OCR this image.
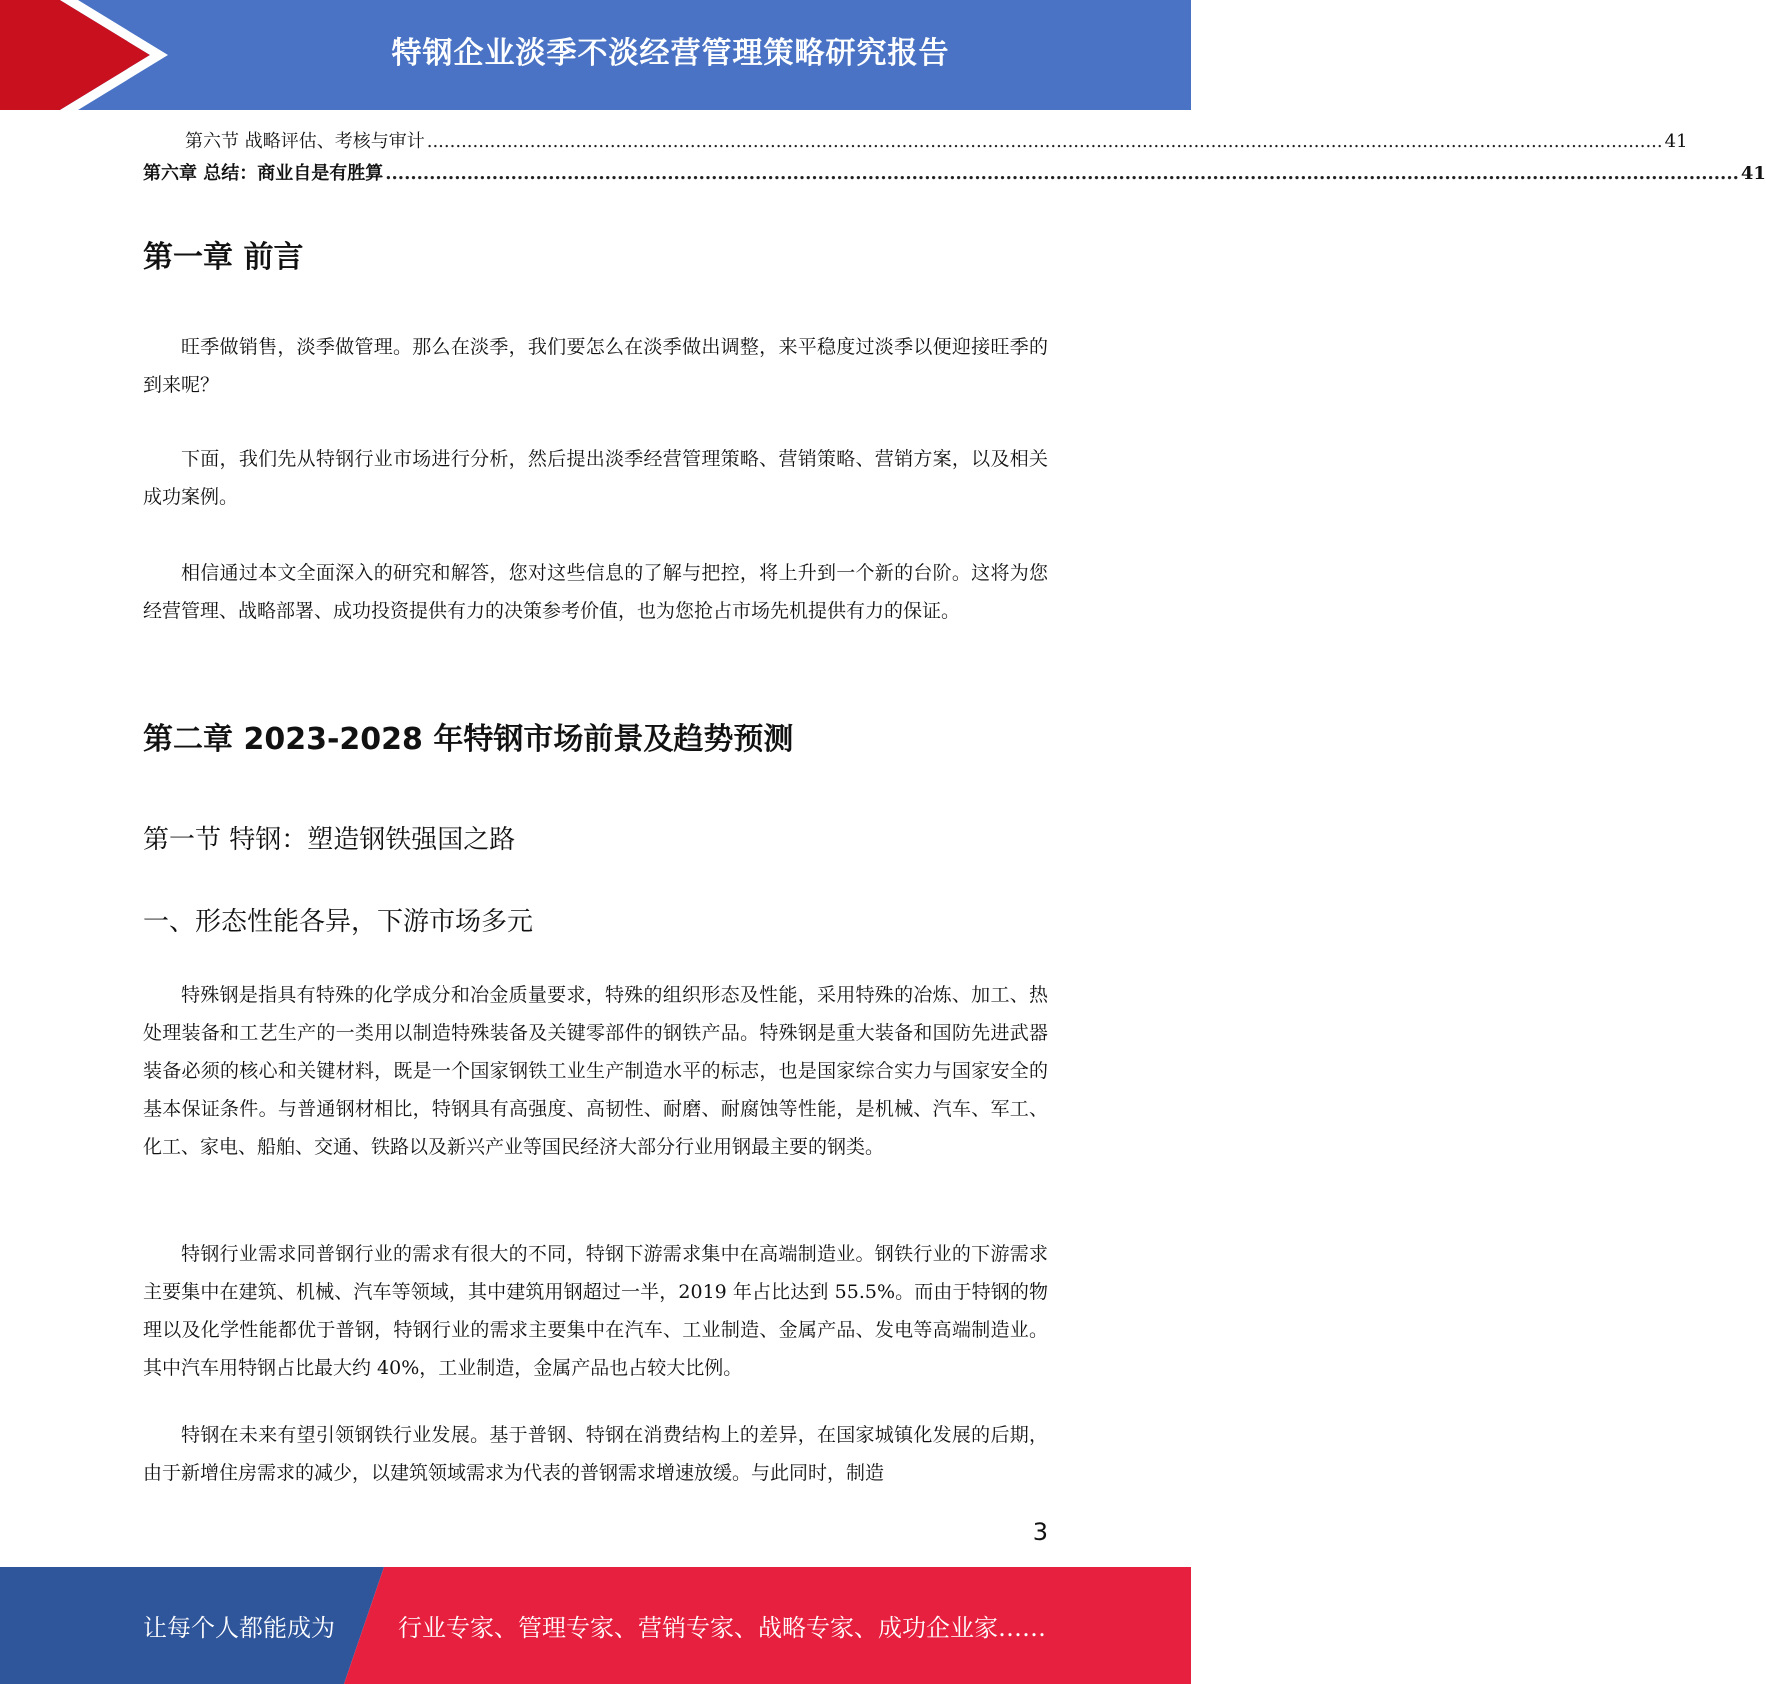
特钢企业淡季不淡经营管理策略研究报告
第六节 战略评估、考核与审计 ........................................................................................................................................................................................................................ 41
第六章 总结：商业自是有胜算 ........................................................................................................................................................................................................................ 41
第一章 前言

旺季做销售，淡季做管理。那么在淡季，我们要怎么在淡季做出调整，来平稳度过淡季以便迎接旺季的到来呢？

下面，我们先从特钢行业市场进行分析，然后提出淡季经营管理策略、营销策略、营销方案，以及相关成功案例。

相信通过本文全面深入的研究和解答，您对这些信息的了解与把控，将上升到一个新的台阶。这将为您经营管理、战略部署、成功投资提供有力的决策参考价值，也为您抢占市场先机提供有力的保证。

第二章 2023-2028 年特钢市场前景及趋势预测
第一节 特钢：塑造钢铁强国之路
一、形态性能各异，下游市场多元

特殊钢是指具有特殊的化学成分和冶金质量要求，特殊的组织形态及性能，采用特殊的冶炼、加工、热处理装备和工艺生产的一类用以制造特殊装备及关键零部件的钢铁产品。特殊钢是重大装备和国防先进武器装备必须的核心和关键材料，既是一个国家钢铁工业生产制造水平的标志，也是国家综合实力与国家安全的基本保证条件。与普通钢材相比，特钢具有高强度、高韧性、耐磨、耐腐蚀等性能，是机械、汽车、军工、化工、家电、船舶、交通、铁路以及新兴产业等国民经济大部分行业用钢最主要的钢类。

特钢行业需求同普钢行业的需求有很大的不同，特钢下游需求集中在高端制造业。钢铁行业的下游需求主要集中在建筑、机械、汽车等领域，其中建筑用钢超过一半，2019 年占比达到 55.5%。而由于特钢的物理以及化学性能都优于普钢，特钢行业的需求主要集中在汽车、工业制造、金属产品、发电等高端制造业。其中汽车用特钢占比最大约 40%，工业制造，金属产品也占较大比例。

特钢在未来有望引领钢铁行业发展。基于普钢、特钢在消费结构上的差异，在国家城镇化发展的后期，由于新增住房需求的减少，以建筑领域需求为代表的普钢需求增速放缓。与此同时，制造

3
让每个人都能成为	行业专家、管理专家、营销专家、战略专家、成功企业家……
